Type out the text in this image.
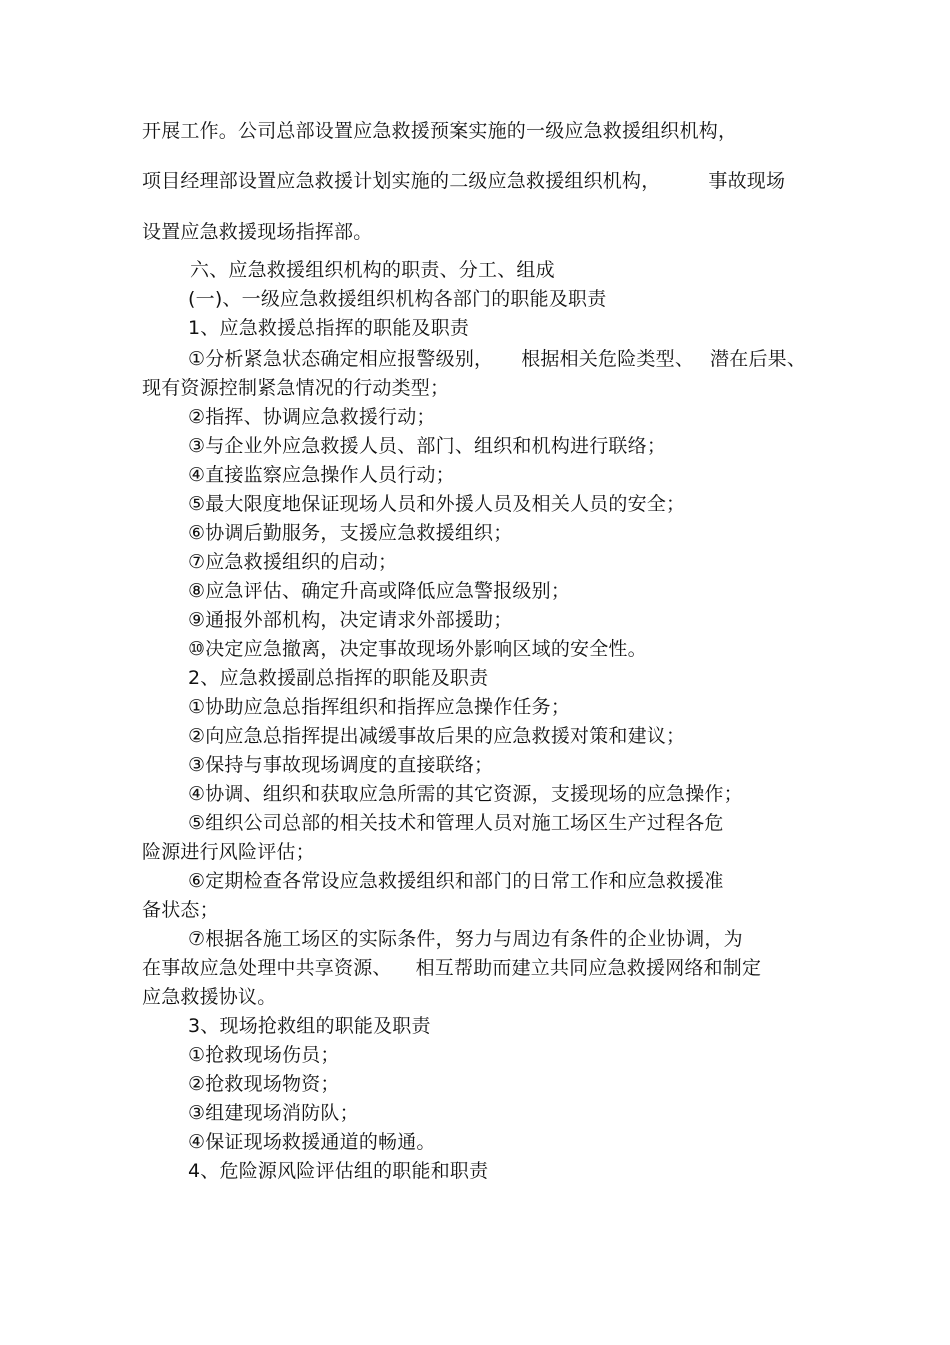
开展工作。公司总部设置应急救援预案实施的一级应急救援组织机构，
项目经理部设置应急救援计划实施的二级应急救援组织机构，	事故现场
设置应急救援现场指挥部。
六、应急救援组织机构的职责、分工、组成
(一)、一级应急救援组织机构各部门的职能及职责
1、应急救援总指挥的职能及职责
①分析紧急状态确定相应报警级别， 根据相关危险类型、 潜在后果、
现有资源控制紧急情况的行动类型；
②指挥、协调应急救援行动；
③与企业外应急救援人员、部门、组织和机构进行联络；
④直接监察应急操作人员行动；
⑤最大限度地保证现场人员和外援人员及相关人员的安全；
⑥协调后勤服务，支援应急救援组织；
⑦应急救援组织的启动；
⑧应急评估、确定升高或降低应急警报级别；
⑨通报外部机构，决定请求外部援助；
⑩决定应急撤离，决定事故现场外影响区域的安全性。
2、应急救援副总指挥的职能及职责
①协助应急总指挥组织和指挥应急操作任务；
②向应急总指挥提出减缓事故后果的应急救援对策和建议；
③保持与事故现场调度的直接联络；
④协调、组织和获取应急所需的其它资源，支援现场的应急操作；
⑤组织公司总部的相关技术和管理人员对施工场区生产过程各危
险源进行风险评估；
⑥定期检查各常设应急救援组织和部门的日常工作和应急救援准
备状态；
⑦根据各施工场区的实际条件，努力与周边有条件的企业协调，为
在事故应急处理中共享资源、 相互帮助而建立共同应急救援网络和制定
应急救援协议。
3、现场抢救组的职能及职责
①抢救现场伤员；
②抢救现场物资；
③组建现场消防队；
④保证现场救援通道的畅通。
4、危险源风险评估组的职能和职责
